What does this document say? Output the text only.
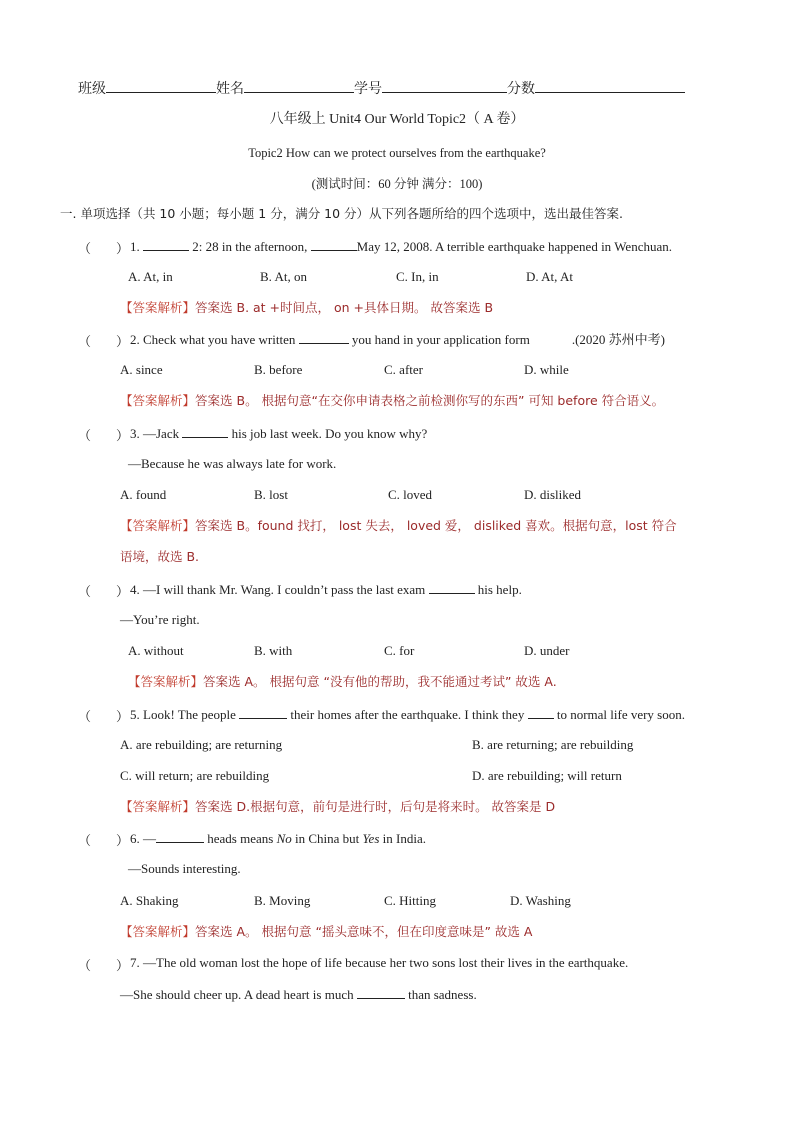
班级	姓名	学号	分数
八年级上 Unit4 Our World Topic2（ A 卷）
Topic2 How can we protect ourselves from the earthquake?
(测试时间：60 分钟 满分：100)
一. 单项选择（共 10 小题；每小题 1 分，满分 10 分）从下列各题所给的四个选项中，选出最佳答案.
（ ） 1.	2: 28 in the afternoon,	May 12, 2008. A terrible earthquake happened in Wenchuan.
A. At, in	B. At, on	C. In, in	D. At, At
【答案解析】答案选 B. at +时间点， on +具体日期。 故答案选 B
（ ） 2. Check what you have written	you hand in your application form	.(2020 苏州中考)
A. since	B. before	C. after	D. while
【答案解析】答案选 B。 根据句意“在交你申请表格之前检测你写的东西” 可知 before 符合语义。
（ ） 3. —Jack	his job last week. Do you know why?
—Because he was always late for work.
A. found	B. lost	C. loved	D. disliked
【答案解析】答案选 B。found 找打， lost 失去， loved 爱， disliked 喜欢。根据句意，lost 符合
语境，故选 B.
（ ） 4. —I will thank Mr. Wang. I couldn’t pass the last exam	his help.
—You’re right.
A. without	B. with	C. for	D. under
【答案解析】答案选 A。 根据句意 “没有他的帮助，我不能通过考试” 故选 A.
（ ） 5. Look! The people	their homes after the earthquake. I think they	to normal life very soon.
A. are rebuilding; are returning	B. are returning; are rebuilding
C. will return; are rebuilding	D. are rebuilding; will return
【答案解析】答案选 D.根据句意，前句是进行时，后句是将来时。 故答案是 D
（ ） 6. —	heads means No in China but Yes in India.
—Sounds interesting.
A. Shaking	B. Moving	C. Hitting	D. Washing
【答案解析】答案选 A。 根据句意 “摇头意味不，但在印度意味是” 故选 A
（ ） 7. —The old woman lost the hope of life because her two sons lost their lives in the earthquake.
—She should cheer up. A dead heart is much	than sadness.
